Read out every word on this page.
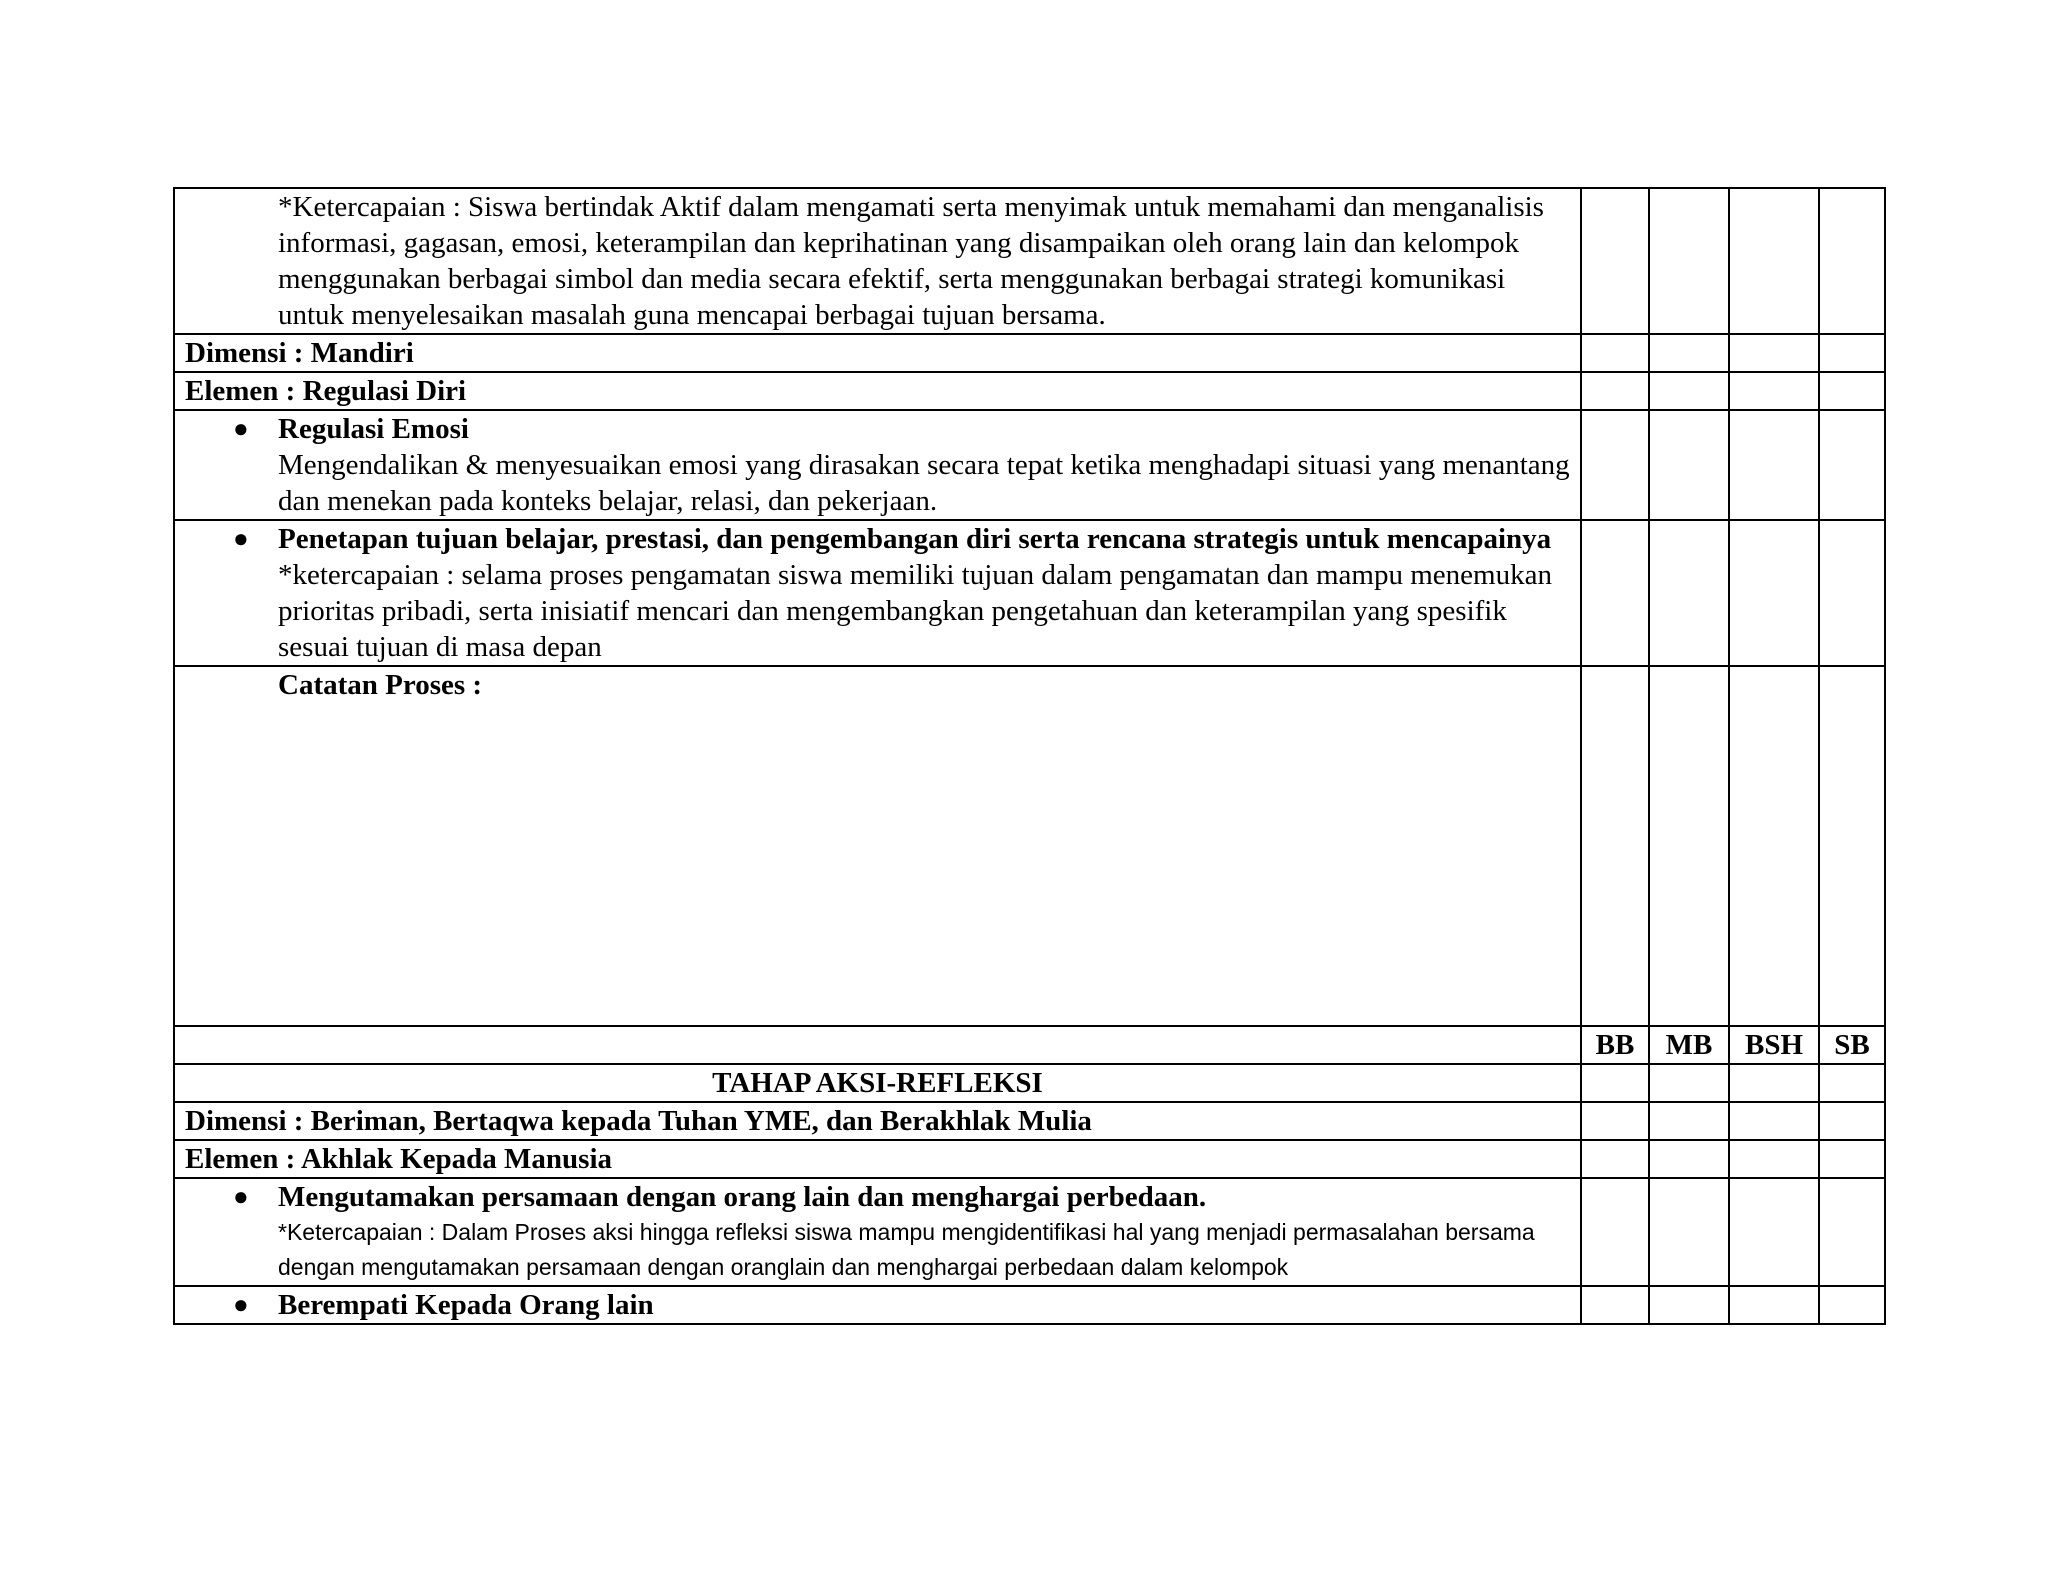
*Ketercapaian : Siswa bertindak Aktif dalam mengamati serta menyimak untuk memahami dan menganalisis informasi, gagasan, emosi, keterampilan dan keprihatinan yang disampaikan oleh orang lain dan kelompok menggunakan berbagai simbol dan media secara efektif, serta menggunakan berbagai strategi komunikasi untuk menyelesaikan masalah guna mencapai berbagai tujuan bersama.				
Dimensi : Mandiri				
Elemen : Regulasi Diri				

● Regulasi Emosi
Mengendalikan & menyesuaikan emosi yang dirasakan secara tepat ketika menghadapi situasi yang menantang dan menekan pada konteks belajar, relasi, dan pekerjaan.				

● Penetapan tujuan belajar, prestasi, dan pengembangan diri serta rencana strategis untuk mencapainya
*ketercapaian : selama proses pengamatan siswa memiliki tujuan dalam pengamatan dan mampu menemukan prioritas pribadi, serta inisiatif mencari dan mengembangkan pengetahuan dan keterampilan yang spesifik sesuai tujuan di masa depan				

Catatan Proses :				
	BB	MB	BSH	SB
TAHAP AKSI-REFLEKSI				
Dimensi : Beriman, Bertaqwa kepada Tuhan YME, dan Berakhlak Mulia				
Elemen : Akhlak Kepada Manusia				

● Mengutamakan persamaan dengan orang lain dan menghargai perbedaan.
*Ketercapaian : Dalam Proses aksi hingga refleksi siswa mampu mengidentifikasi hal yang menjadi permasalahan bersama dengan mengutamakan persamaan dengan oranglain dan menghargai perbedaan dalam kelompok				

● Berempati Kepada Orang lain				
